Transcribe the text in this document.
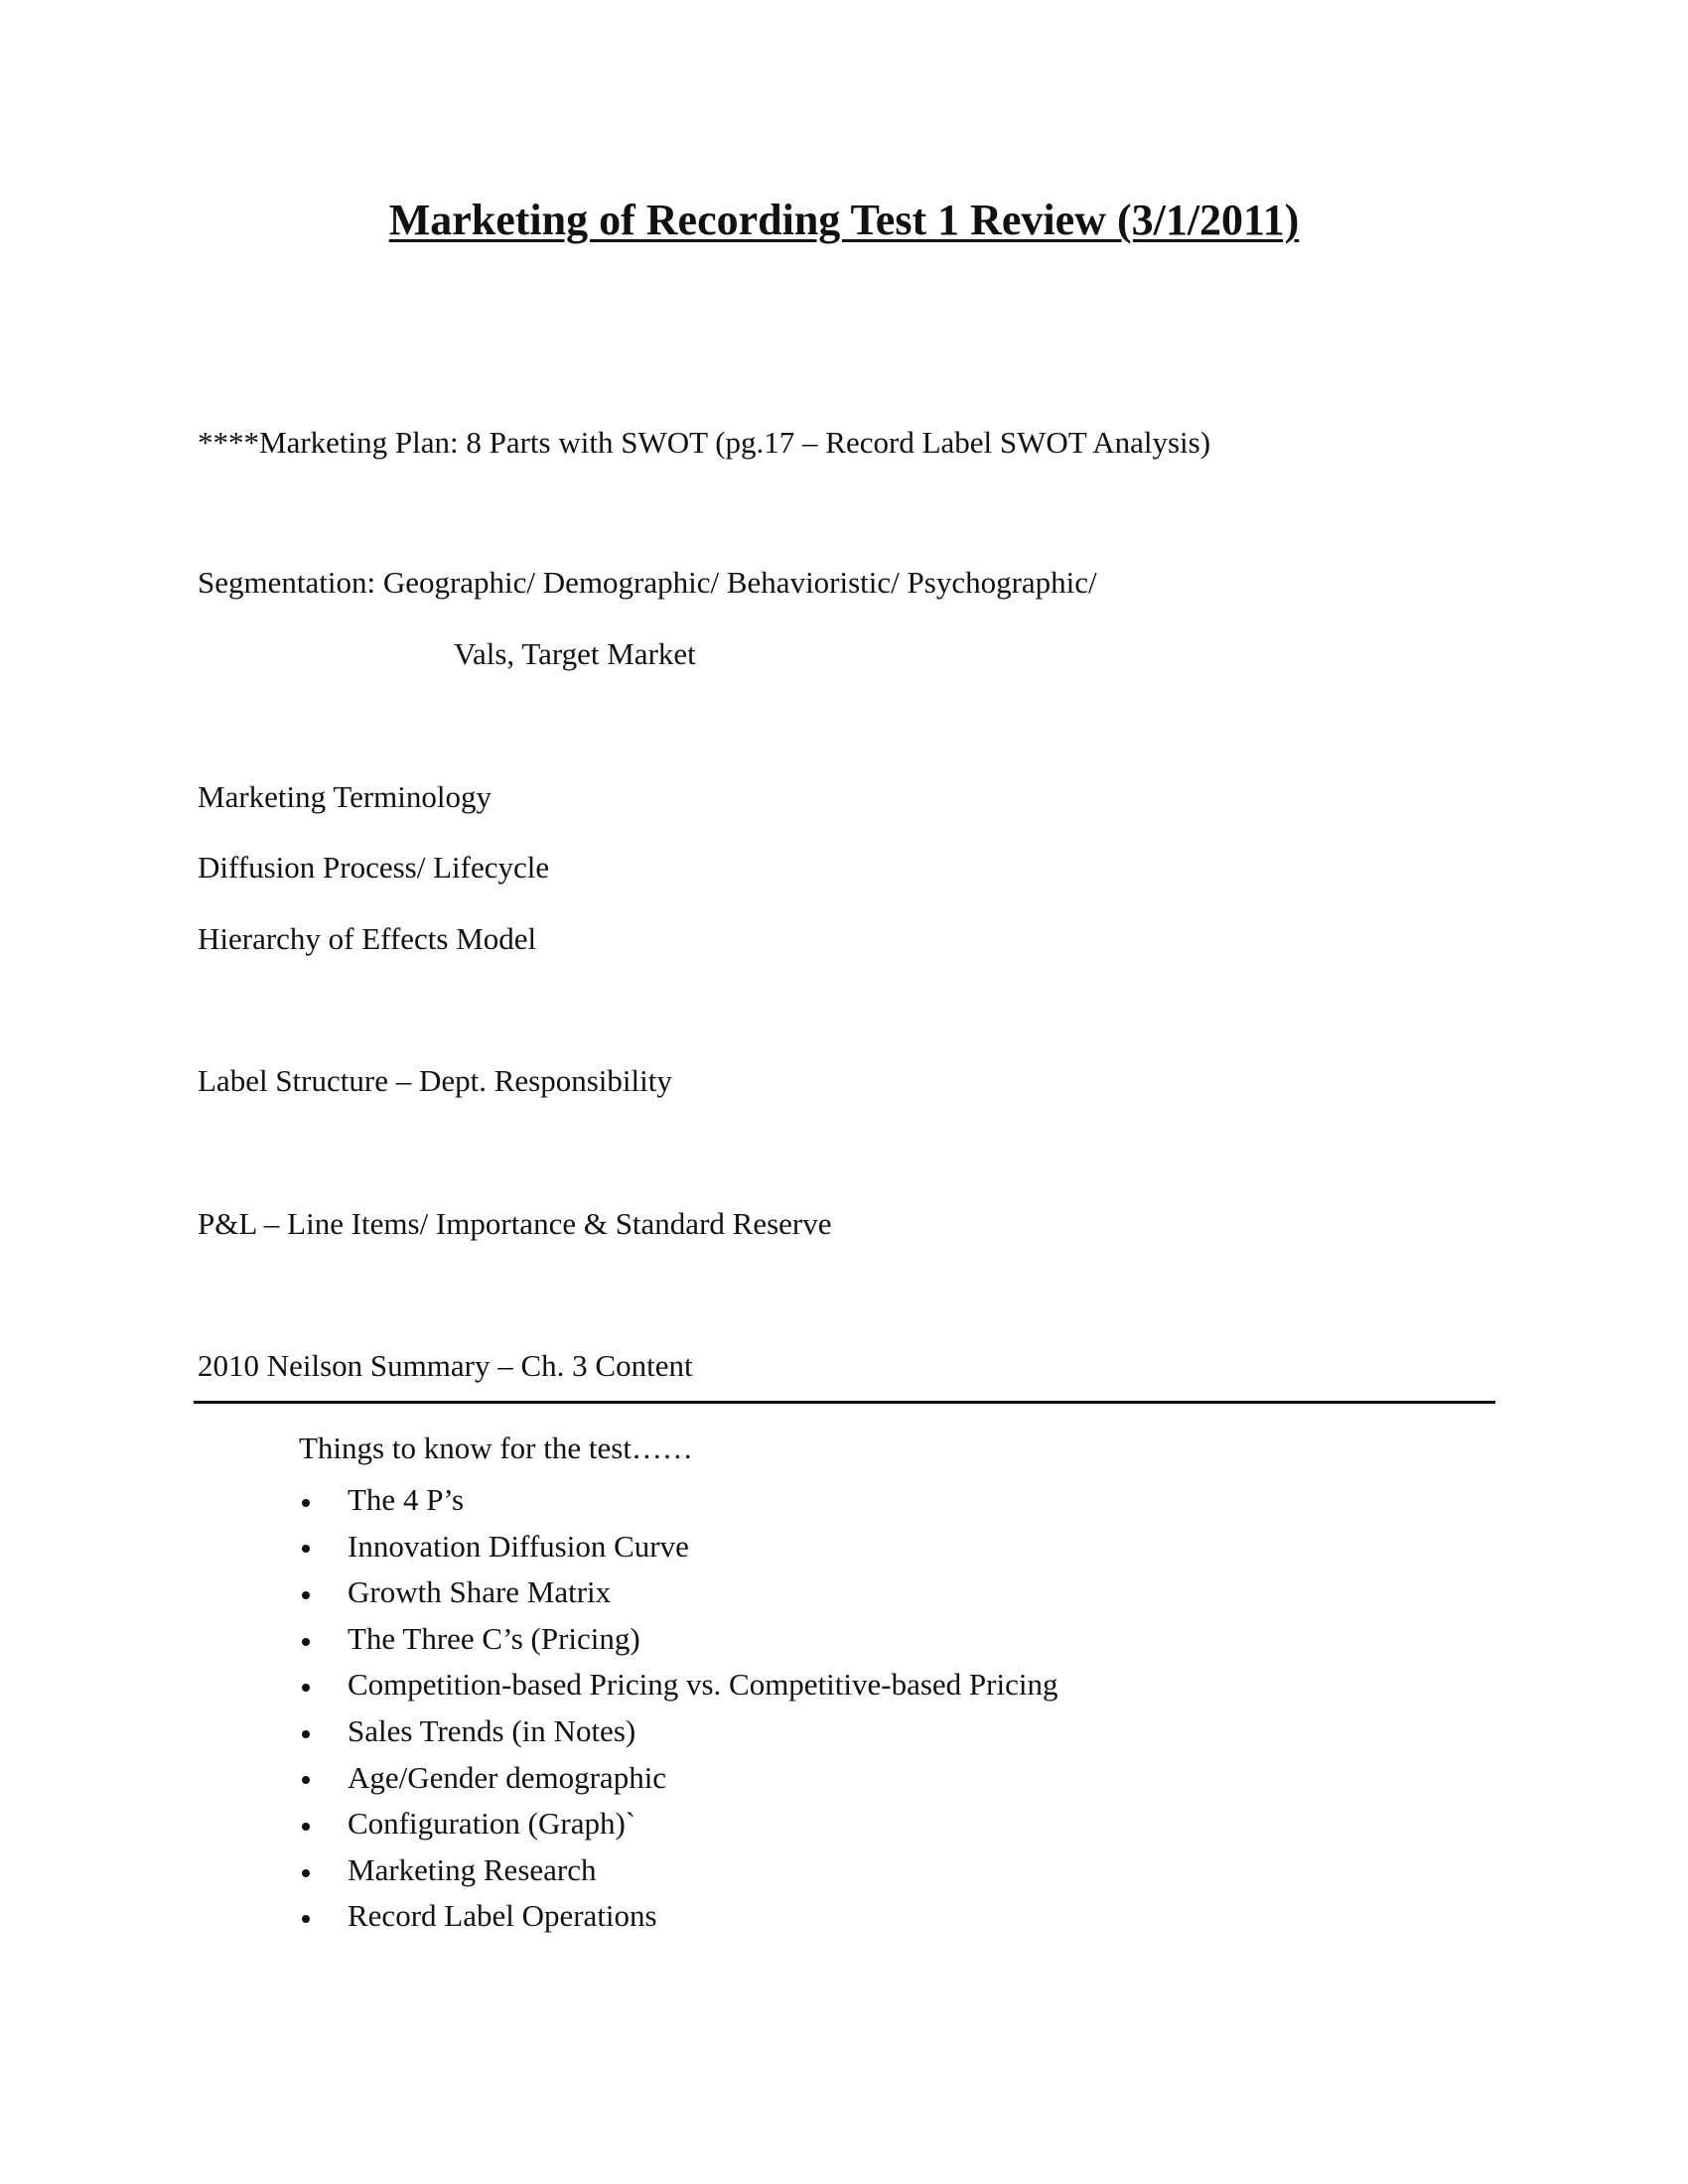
Marketing of Recording Test 1 Review (3/1/2011)

****Marketing Plan: 8 Parts with SWOT (pg.17 – Record Label SWOT Analysis)

Segmentation: Geographic/ Demographic/ Behavioristic/ Psychographic/

Vals, Target Market

Marketing Terminology

Diffusion Process/ Lifecycle

Hierarchy of Effects Model

Label Structure – Dept. Responsibility

P&L – Line Items/ Importance & Standard Reserve

2010 Neilson Summary – Ch. 3 Content

Things to know for the test……

The 4 P’s
Innovation Diffusion Curve
Growth Share Matrix
The Three C’s (Pricing)
Competition-based Pricing vs. Competitive-based Pricing
Sales Trends (in Notes)
Age/Gender demographic
Configuration (Graph)`
Marketing Research
Record Label Operations
